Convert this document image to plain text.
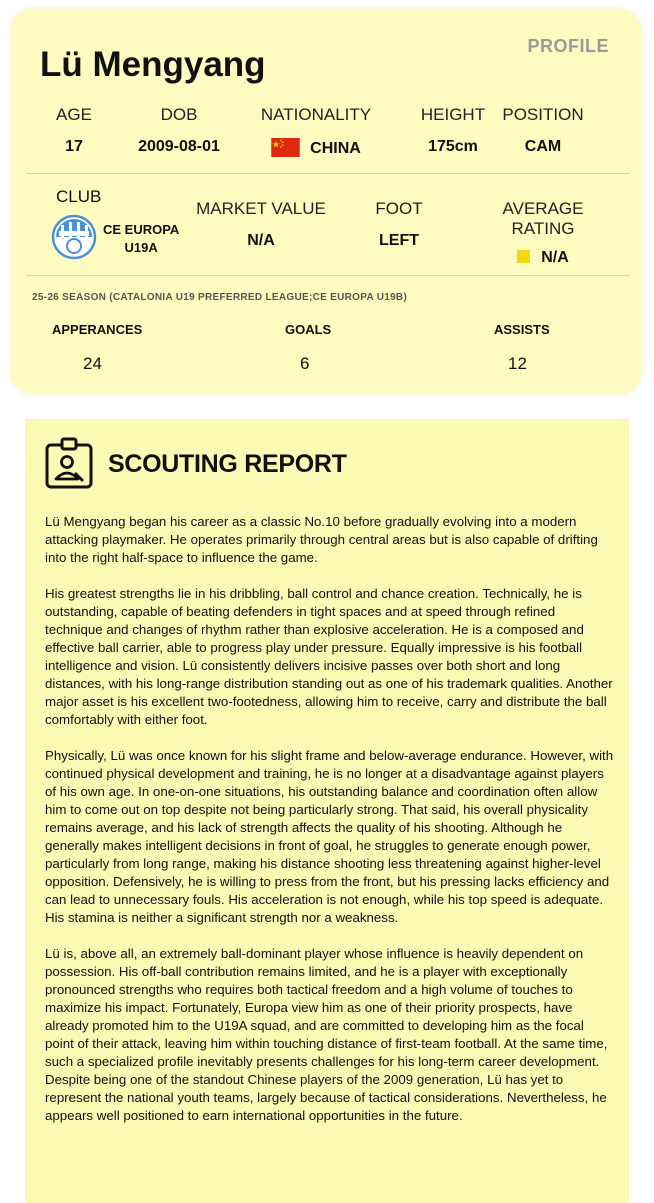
PROFILE
Lü Mengyang
AGE
17
DOB
2009-08-01
NATIONALITY
CHINA
HEIGHT
175cm
POSITION
CAM
CLUB
CE EUROPA
U19A
MARKET VALUE
N/A
FOOT
LEFT
AVERAGE RATING
N/A
25-26 SEASON (CATALONIA U19 PREFERRED LEAGUE;CE EUROPA U19B)
APPERANCES
24
GOALS
6
ASSISTS
12
SCOUTING REPORT

Lü Mengyang began his career as a classic No.10 before gradually evolving into a modern attacking playmaker. He operates primarily through central areas but is also capable of drifting into the right half-space to influence the game.

His greatest strengths lie in his dribbling, ball control and chance creation. Technically, he is outstanding, capable of beating defenders in tight spaces and at speed through refined technique and changes of rhythm rather than explosive acceleration. He is a composed and effective ball carrier, able to progress play under pressure. Equally impressive is his football intelligence and vision. Lü consistently delivers incisive passes over both short and long distances, with his long-range distribution standing out as one of his trademark qualities. Another major asset is his excellent two-footedness, allowing him to receive, carry and distribute the ball comfortably with either foot.

Physically, Lü was once known for his slight frame and below-average endurance. However, with continued physical development and training, he is no longer at a disadvantage against players of his own age. In one-on-one situations, his outstanding balance and coordination often allow him to come out on top despite not being particularly strong. That said, his overall physicality remains average, and his lack of strength affects the quality of his shooting. Although he generally makes intelligent decisions in front of goal, he struggles to generate enough power, particularly from long range, making his distance shooting less threatening against higher-level opposition. Defensively, he is willing to press from the front, but his pressing lacks efficiency and can lead to unnecessary fouls. His acceleration is not enough, while his top speed is adequate. His stamina is neither a significant strength nor a weakness.

Lü is, above all, an extremely ball-dominant player whose influence is heavily dependent on possession. His off-ball contribution remains limited, and he is a player with exceptionally pronounced strengths who requires both tactical freedom and a high volume of touches to maximize his impact. Fortunately, Europa view him as one of their priority prospects, have already promoted him to the U19A squad, and are committed to developing him as the focal point of their attack, leaving him within touching distance of first-team football. At the same time, such a specialized profile inevitably presents challenges for his long-term career development. Despite being one of the standout Chinese players of the 2009 generation, Lü has yet to represent the national youth teams, largely because of tactical considerations. Nevertheless, he appears well positioned to earn international opportunities in the future.
